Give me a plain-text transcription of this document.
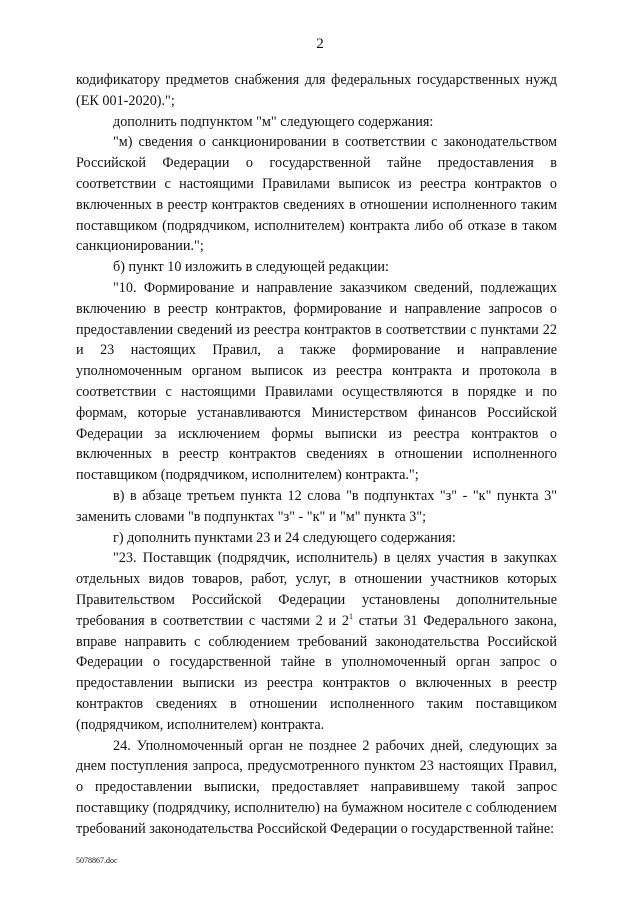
2

кодификатору предметов снабжения для федеральных государственных нужд (ЕК 001-2020).";

дополнить подпунктом "м" следующего содержания:

"м) сведения о санкционировании в соответствии с законодательством Российской Федерации о государственной тайне предоставления в соответствии с настоящими Правилами выписок из реестра контрактов о включенных в реестр контрактов сведениях в отношении исполненного таким поставщиком (подрядчиком, исполнителем) контракта либо об отказе в таком санкционировании.";

б) пункт 10 изложить в следующей редакции:

"10. Формирование и направление заказчиком сведений, подлежащих включению в реестр контрактов, формирование и направление запросов о предоставлении сведений из реестра контрактов в соответствии с пунктами 22 и 23 настоящих Правил, а также формирование и направление уполномоченным органом выписок из реестра контракта и протокола в соответствии с настоящими Правилами осуществляются в порядке и по формам, которые устанавливаются Министерством финансов Российской Федерации за исключением формы выписки из реестра контрактов о включенных в реестр контрактов сведениях в отношении исполненного поставщиком (подрядчиком, исполнителем) контракта.";

в) в абзаце третьем пункта 12 слова "в подпунктах "з" - "к" пункта 3" заменить словами "в подпунктах "з" - "к" и "м" пункта 3";

г) дополнить пунктами 23 и 24 следующего содержания:

"23. Поставщик (подрядчик, исполнитель) в целях участия в закупках отдельных видов товаров, работ, услуг, в отношении участников которых Правительством Российской Федерации установлены дополнительные требования в соответствии с частями 2 и $2^1$ статьи 31 Федерального закона, вправе направить с соблюдением требований законодательства Российской Федерации о государственной тайне в уполномоченный орган запрос о предоставлении выписки из реестра контрактов о включенных в реестр контрактов сведениях в отношении исполненного таким поставщиком (подрядчиком, исполнителем) контракта.

24. Уполномоченный орган не позднее 2 рабочих дней, следующих за днем поступления запроса, предусмотренного пунктом 23 настоящих Правил, о предоставлении выписки, предоставляет направившему такой запрос поставщику (подрядчику, исполнителю) на бумажном носителе с соблюдением требований законодательства Российской Федерации о государственной тайне:

5078867.doc
